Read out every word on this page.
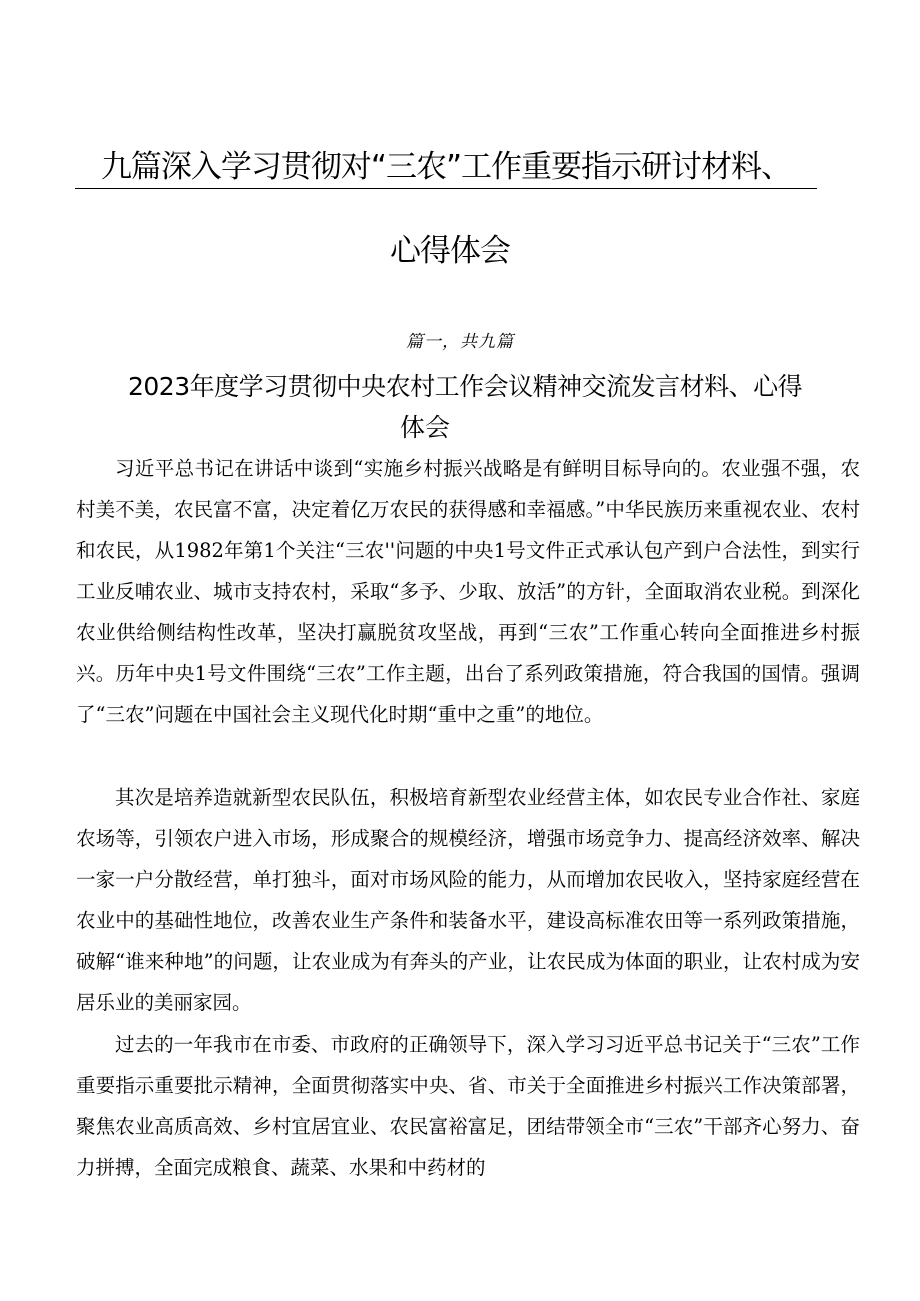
九篇深入学习贯彻对“三农”工作重要指示研讨材料、
心得体会
篇一，共九篇
2023年度学习贯彻中央农村工作会议精神交流发言材料、心得
体会

习近平总书记在讲话中谈到“实施乡村振兴战略是有鲜明目标导向的。农业强不强，农村美不美，农民富不富，决定着亿万农民的获得感和幸福感。”中华民族历来重视农业、农村和农民，从1982年第1个关注“三农''问题的中央1号文件正式承认包产到户合法性，到实行工业反哺农业、城市支持农村，采取“多予、少取、放活”的方针，全面取消农业税。到深化农业供给侧结构性改革，坚决打赢脱贫攻坚战，再到“三农”工作重心转向全面推进乡村振兴。历年中央1号文件围绕“三农”工作主题，出台了系列政策措施，符合我国的国情。强调了“三农”问题在中国社会主义现代化时期“重中之重”的地位。

其次是培养造就新型农民队伍，积极培育新型农业经营主体，如农民专业合作社、家庭农场等，引领农户进入市场，形成聚合的规模经济，增强市场竞争力、提高经济效率、解决一家一户分散经营，单打独斗，面对市场风险的能力，从而增加农民收入，坚持家庭经营在农业中的基础性地位，改善农业生产条件和装备水平，建设高标准农田等一系列政策措施，破解“谁来种地”的问题，让农业成为有奔头的产业，让农民成为体面的职业，让农村成为安居乐业的美丽家园。

过去的一年我市在市委、市政府的正确领导下，深入学习习近平总书记关于“三农”工作重要指示重要批示精神，全面贯彻落实中央、省、市关于全面推进乡村振兴工作决策部署，聚焦农业高质高效、乡村宜居宜业、农民富裕富足，团结带领全市“三农”干部齐心努力、奋力拼搏，全面完成粮食、蔬菜、水果和中药材的
